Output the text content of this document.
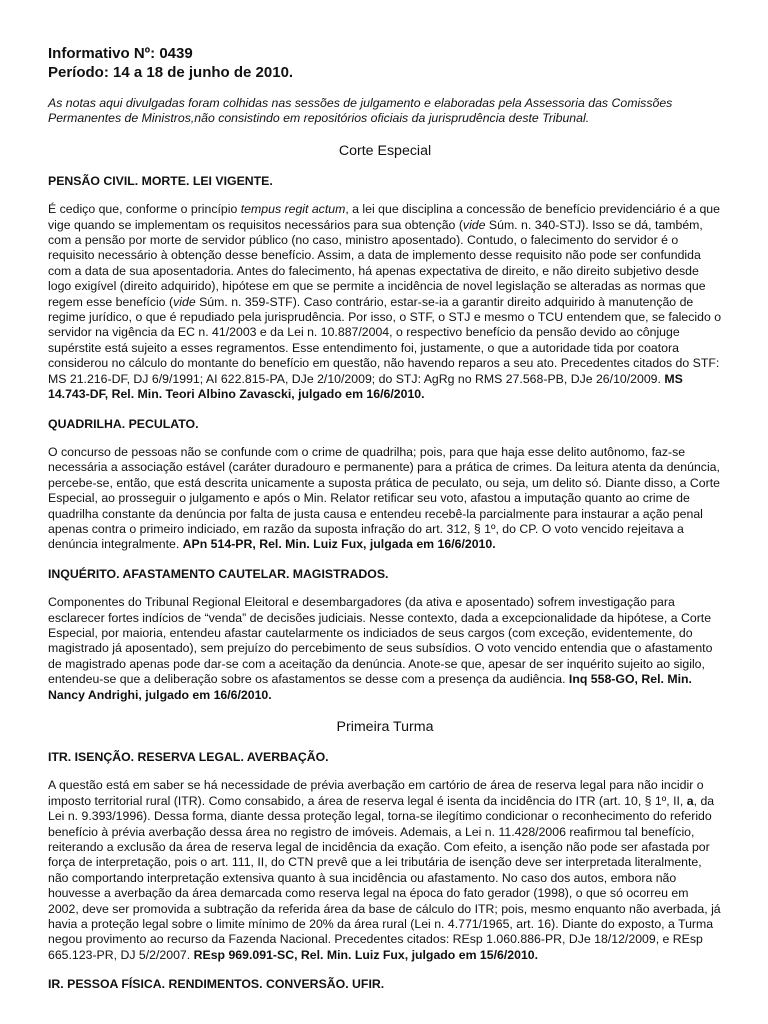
Informativo Nº: 0439

Período: 14 a 18 de junho de 2010.

As notas aqui divulgadas foram colhidas nas sessões de julgamento e elaboradas pela Assessoria das Comissões Permanentes de Ministros,não consistindo em repositórios oficiais da jurisprudência deste Tribunal.

Corte Especial

PENSÃO CIVIL. MORTE. LEI VIGENTE.

É cediço que, conforme o princípio tempus regit actum, a lei que disciplina a concessão de benefício previdenciário é a que vige quando se implementam os requisitos necessários para sua obtenção (vide Súm. n. 340-STJ). Isso se dá, também, com a pensão por morte de servidor público (no caso, ministro aposentado). Contudo, o falecimento do servidor é o requisito necessário à obtenção desse benefício. Assim, a data de implemento desse requisito não pode ser confundida com a data de sua aposentadoria. Antes do falecimento, há apenas expectativa de direito, e não direito subjetivo desde logo exigível (direito adquirido), hipótese em que se permite a incidência de novel legislação se alteradas as normas que regem esse benefício (vide Súm. n. 359-STF). Caso contrário, estar-se-ia a garantir direito adquirido à manutenção de regime jurídico, o que é repudiado pela jurisprudência. Por isso, o STF, o STJ e mesmo o TCU entendem que, se falecido o servidor na vigência da EC n. 41/2003 e da Lei n. 10.887/2004, o respectivo benefício da pensão devido ao cônjuge supérstite está sujeito a esses regramentos. Esse entendimento foi, justamente, o que a autoridade tida por coatora considerou no cálculo do montante do benefício em questão, não havendo reparos a seu ato. Precedentes citados do STF: MS 21.216-DF, DJ 6/9/1991; AI 622.815-PA, DJe 2/10/2009; do STJ: AgRg no RMS 27.568-PB, DJe 26/10/2009. MS 14.743-DF, Rel. Min. Teori Albino Zavascki, julgado em 16/6/2010.

QUADRILHA. PECULATO.

O concurso de pessoas não se confunde com o crime de quadrilha; pois, para que haja esse delito autônomo, faz-se necessária a associação estável (caráter duradouro e permanente) para a prática de crimes. Da leitura atenta da denúncia, percebe-se, então, que está descrita unicamente a suposta prática de peculato, ou seja, um delito só. Diante disso, a Corte Especial, ao prosseguir o julgamento e após o Min. Relator retificar seu voto, afastou a imputação quanto ao crime de quadrilha constante da denúncia por falta de justa causa e entendeu recebê-la parcialmente para instaurar a ação penal apenas contra o primeiro indiciado, em razão da suposta infração do art. 312, § 1º, do CP. O voto vencido rejeitava a denúncia integralmente. APn 514-PR, Rel. Min. Luiz Fux, julgada em 16/6/2010.

INQUÉRITO. AFASTAMENTO CAUTELAR. MAGISTRADOS.

Componentes do Tribunal Regional Eleitoral e desembargadores (da ativa e aposentado) sofrem investigação para esclarecer fortes indícios de “venda” de decisões judiciais. Nesse contexto, dada a excepcionalidade da hipótese, a Corte Especial, por maioria, entendeu afastar cautelarmente os indiciados de seus cargos (com exceção, evidentemente, do magistrado já aposentado), sem prejuízo do percebimento de seus subsídios. O voto vencido entendia que o afastamento de magistrado apenas pode dar-se com a aceitação da denúncia. Anote-se que, apesar de ser inquérito sujeito ao sigilo, entendeu-se que a deliberação sobre os afastamentos se desse com a presença da audiência. Inq 558-GO, Rel. Min. Nancy Andrighi, julgado em 16/6/2010.

Primeira Turma

ITR. ISENÇÃO. RESERVA LEGAL. AVERBAÇÃO.

A questão está em saber se há necessidade de prévia averbação em cartório de área de reserva legal para não incidir o imposto territorial rural (ITR). Como consabido, a área de reserva legal é isenta da incidência do ITR (art. 10, § 1º, II, a, da Lei n. 9.393/1996). Dessa forma, diante dessa proteção legal, torna-se ilegítimo condicionar o reconhecimento do referido benefício à prévia averbação dessa área no registro de imóveis. Ademais, a Lei n. 11.428/2006 reafirmou tal benefício, reiterando a exclusão da área de reserva legal de incidência da exação. Com efeito, a isenção não pode ser afastada por força de interpretação, pois o art. 111, II, do CTN prevê que a lei tributária de isenção deve ser interpretada literalmente, não comportando interpretação extensiva quanto à sua incidência ou afastamento. No caso dos autos, embora não houvesse a averbação da área demarcada como reserva legal na época do fato gerador (1998), o que só ocorreu em 2002, deve ser promovida a subtração da referida área da base de cálculo do ITR; pois, mesmo enquanto não averbada, já havia a proteção legal sobre o limite mínimo de 20% da área rural (Lei n. 4.771/1965, art. 16). Diante do exposto, a Turma negou provimento ao recurso da Fazenda Nacional. Precedentes citados: REsp 1.060.886-PR, DJe 18/12/2009, e REsp 665.123-PR, DJ 5/2/2007. REsp 969.091-SC, Rel. Min. Luiz Fux, julgado em 15/6/2010.

IR. PESSOA FÍSICA. RENDIMENTOS. CONVERSÃO. UFIR.
